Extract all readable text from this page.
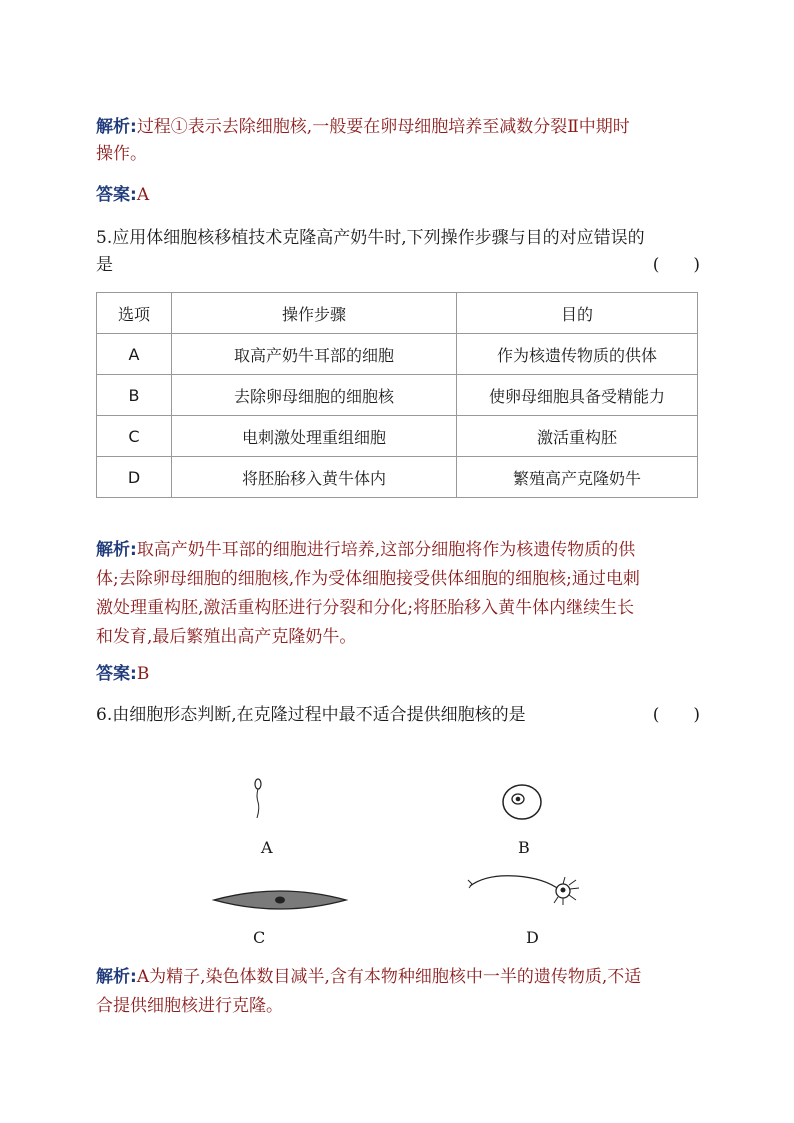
解析:过程①表示去除细胞核,一般要在卵母细胞培养至减数分裂Ⅱ中期时
操作。
答案:A
5.应用体细胞核移植技术克隆高产奶牛时,下列操作步骤与目的对应错误的
是	(　　)
选项	操作步骤	目的
A	取高产奶牛耳部的细胞	作为核遗传物质的供体
B	去除卵母细胞的细胞核	使卵母细胞具备受精能力
C	电刺激处理重组细胞	激活重构胚
D	将胚胎移入黄牛体内	繁殖高产克隆奶牛
解析:取高产奶牛耳部的细胞进行培养,这部分细胞将作为核遗传物质的供
体;去除卵母细胞的细胞核,作为受体细胞接受供体细胞的细胞核;通过电刺
激处理重构胚,激活重构胚进行分裂和分化;将胚胎移入黄牛体内继续生长
和发育,最后繁殖出高产克隆奶牛。
答案:B
6.由细胞形态判断,在克隆过程中最不适合提供细胞核的是	(　　)
A	B
C	D
解析:A为精子,染色体数目减半,含有本物种细胞核中一半的遗传物质,不适
合提供细胞核进行克隆。
